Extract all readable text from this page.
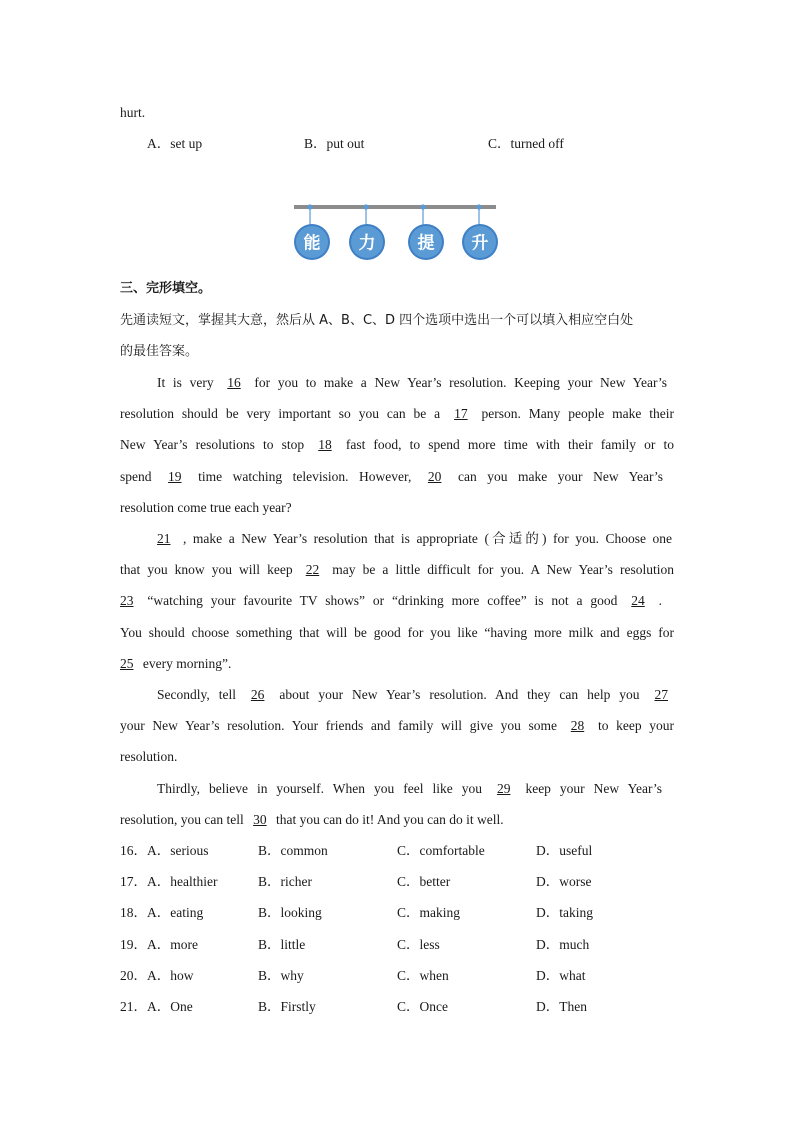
hurt.
A．set up	B．put out	C．turned off
能 力 提 升
三、完形填空。
先通读短文，掌握其大意，然后从 A、B、C、D 四个选项中选出一个可以填入相应空白处
的最佳答案。
It is very 16 for you to make a New Year’s resolution. Keeping your New Year’s
resolution should be very important so you can be a 17 person. Many people make their
New Year’s resolutions to stop 18 fast food, to spend more time with their family or to
spend 19 time watching television. However, 20 can you make your New Year’s
resolution come true each year?
21 , make a New Year’s resolution that is appropriate (合适的) for you. Choose one
that you know you will keep 22 may be a little difficult for you. A New Year’s resolution
23 “watching your favourite TV shows” or “drinking more coffee” is not a good 24 .
You should choose something that will be good for you like “having more milk and eggs for
25 every morning”.
Secondly, tell 26 about your New Year’s resolution. And they can help you 27
your New Year’s resolution. Your friends and family will give you some 28 to keep your
resolution.
Thirdly, believe in yourself. When you feel like you 29 keep your New Year’s
resolution, you can tell 30 that you can do it! And you can do it well.
16． A．serious	B．common	C．comfortable	D．useful
17． A．healthier	B．richer	C．better	D．worse
18． A．eating	B．looking	C．making	D．taking
19． A．more	B．little	C．less	D．much
20． A．how	B．why	C．when	D．what
21． A．One	B．Firstly	C．Once	D．Then
